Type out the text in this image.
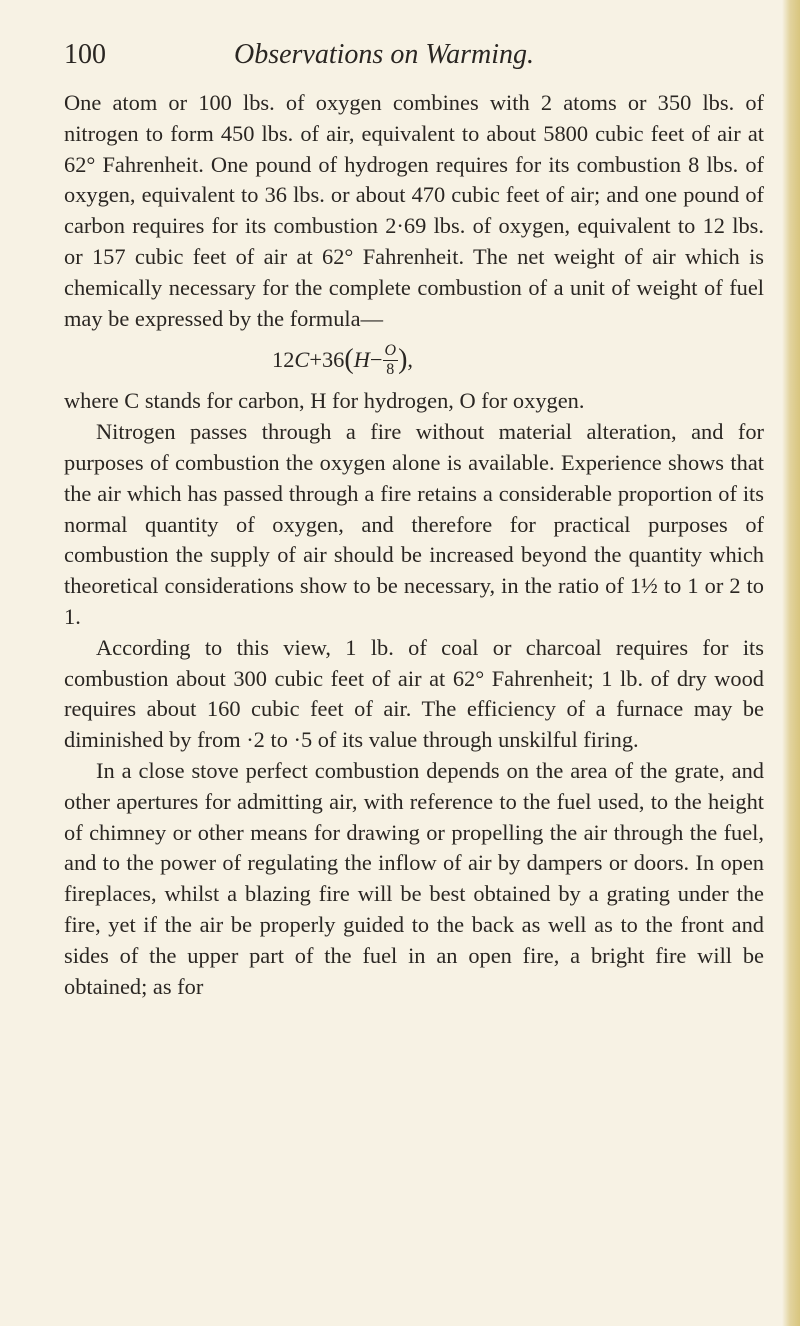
100	Observations on Warming.

One atom or 100 lbs. of oxygen combines with 2 atoms or 350 lbs. of nitrogen to form 450 lbs. of air, equivalent to about 5800 cubic feet of air at 62° Fahrenheit. One pound of hydrogen requires for its combustion 8 lbs. of oxygen, equivalent to 36 lbs. or about 470 cubic feet of air; and one pound of carbon requires for its combustion 2·69 lbs. of oxygen, equivalent to 12 lbs. or 157 cubic feet of air at 62° Fahrenheit. The net weight of air which is chemically necessary for the complete combustion of a unit of weight of fuel may be expressed by the formula—

$12C+36(H- \frac{O}{8}$ ),

where C stands for carbon, H for hydrogen, O for oxygen.

Nitrogen passes through a fire without material alteration, and for purposes of combustion the oxygen alone is available. Experience shows that the air which has passed through a fire retains a considerable proportion of its normal quantity of oxygen, and therefore for practical purposes of combustion the supply of air should be increased beyond the quantity which theoretical considerations show to be necessary, in the ratio of 1½ to 1 or 2 to 1.

According to this view, 1 lb. of coal or charcoal requires for its combustion about 300 cubic feet of air at 62° Fahrenheit; 1 lb. of dry wood requires about 160 cubic feet of air. The efficiency of a furnace may be diminished by from ·2 to ·5 of its value through unskilful firing.

In a close stove perfect combustion depends on the area of the grate, and other apertures for admitting air, with reference to the fuel used, to the height of chimney or other means for drawing or propelling the air through the fuel, and to the power of regulating the inflow of air by dampers or doors. In open fireplaces, whilst a blazing fire will be best obtained by a grating under the fire, yet if the air be properly guided to the back as well as to the front and sides of the upper part of the fuel in an open fire, a bright fire will be obtained; as for
